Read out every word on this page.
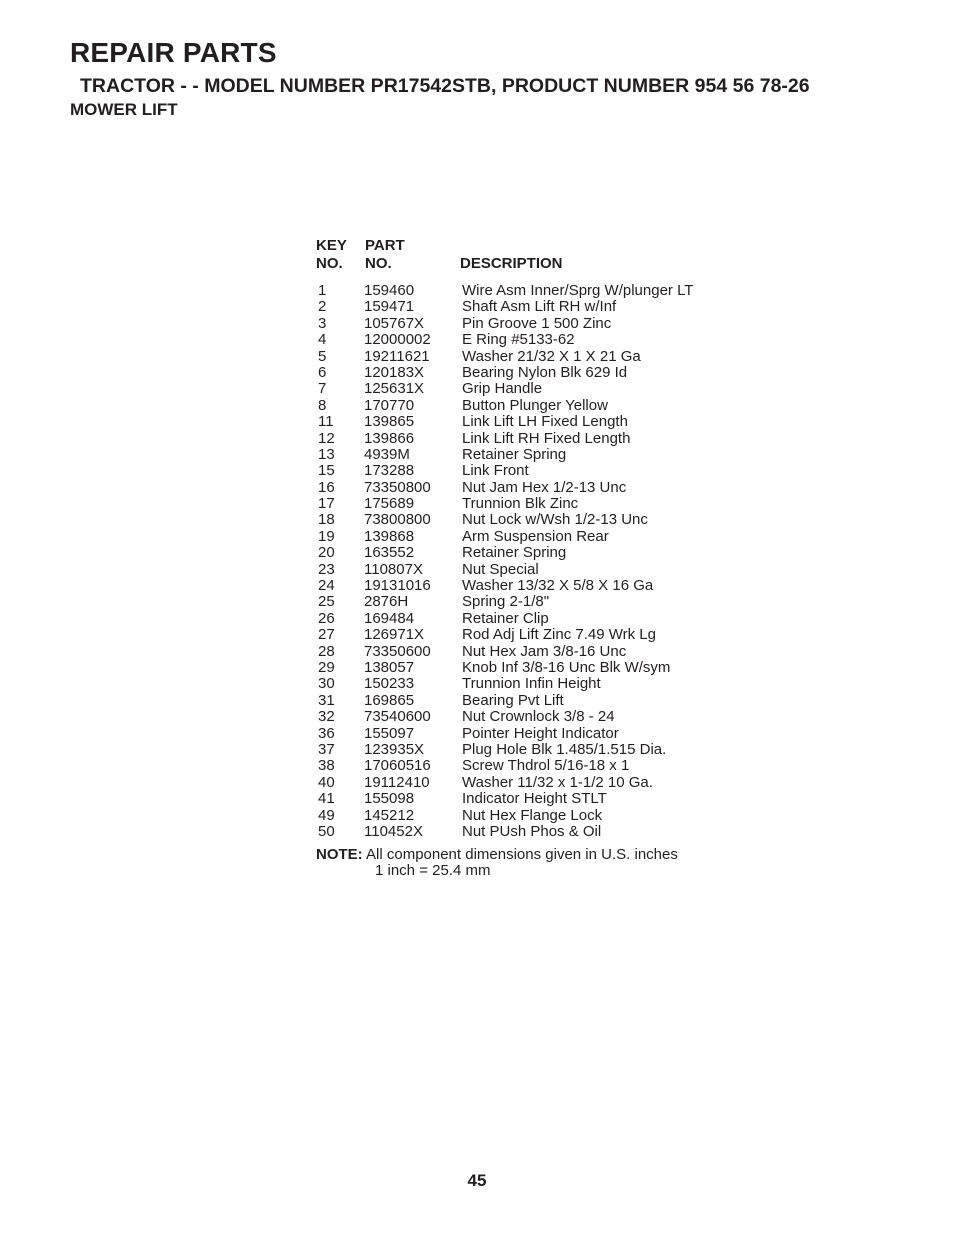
REPAIR PARTS
TRACTOR - - MODEL NUMBER PR17542STB, PRODUCT NUMBER 954 56 78-26
MOWER LIFT
KEY
NO.
PART
NO.	DESCRIPTION
1	159460	Wire Asm Inner/Sprg W/plunger LT
2	159471	Shaft Asm Lift RH w/Inf
3	105767X	Pin Groove 1 500 Zinc
4	12000002 E Ring #5133-62
5	19211621 Washer 21/32 X 1 X 21 Ga
6	120183X	Bearing Nylon Blk 629 Id
7	125631X	Grip Handle
8	170770	Button Plunger Yellow
11 139865	Link Lift LH Fixed Length
12 139866	Link Lift RH Fixed Length
13 4939M	Retainer Spring
15 173288	Link Front
16 73350800 Nut Jam Hex 1/2-13 Unc
17 175689	Trunnion Blk Zinc
18 73800800 Nut Lock w/Wsh 1/2-13 Unc
19 139868	Arm Suspension Rear
20 163552	Retainer Spring
23 110807X	Nut Special
24 19131016 Washer 13/32 X 5/8 X 16 Ga
25 2876H	Spring 2-1/8"
26 169484	Retainer Clip
27 126971X	Rod Adj Lift Zinc 7.49 Wrk Lg
28 73350600 Nut Hex Jam 3/8-16 Unc
29 138057	Knob Inf 3/8-16 Unc Blk W/sym
30 150233	Trunnion Infin Height
31 169865	Bearing Pvt Lift
32 73540600 Nut Crownlock 3/8 - 24
36 155097	Pointer Height Indicator
37 123935X	Plug Hole Blk 1.485/1.515 Dia.
38 17060516 Screw Thdrol 5/16-18 x 1
40 19112410 Washer 11/32 x 1-1/2 10 Ga.
41 155098	Indicator Height STLT
49 145212	Nut Hex Flange Lock
50 110452X	Nut PUsh Phos & Oil
NOTE: All component dimensions given in U.S. inches
1 inch = 25.4 mm
45
